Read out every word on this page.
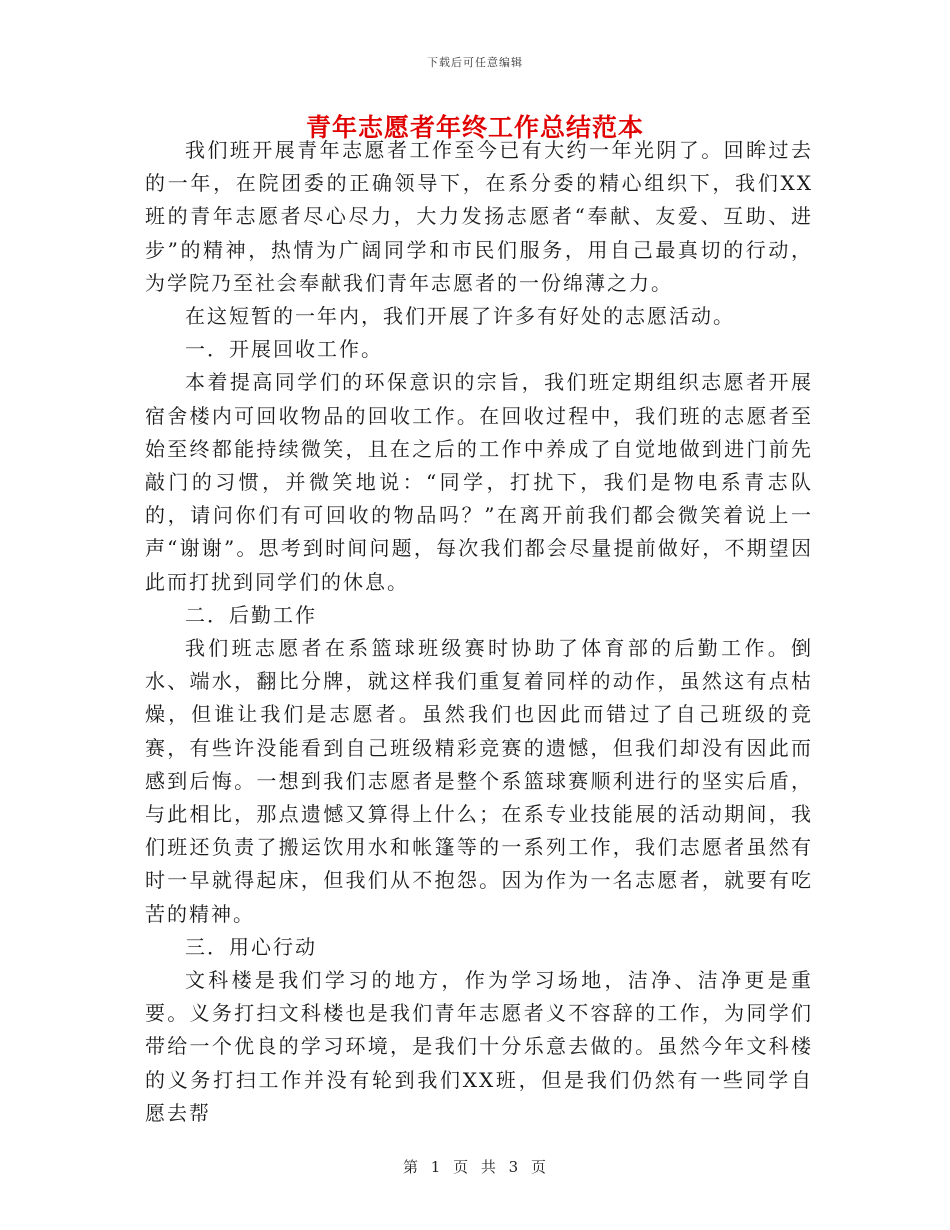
下载后可任意编辑
青年志愿者年终工作总结范本

我们班开展青年志愿者工作至今已有大约一年光阴了。回眸过去的一年，在院团委的正确领导下，在系分委的精心组织下，我们XX班的青年志愿者尽心尽力，大力发扬志愿者“奉献、友爱、互助、进步”的精神，热情为广阔同学和市民们服务，用自己最真切的行动，为学院乃至社会奉献我们青年志愿者的一份绵薄之力。

在这短暂的一年内，我们开展了许多有好处的志愿活动。

一．开展回收工作。

本着提高同学们的环保意识的宗旨，我们班定期组织志愿者开展宿舍楼内可回收物品的回收工作。在回收过程中，我们班的志愿者至始至终都能持续微笑，且在之后的工作中养成了自觉地做到进门前先敲门的习惯，并微笑地说：“同学，打扰下，我们是物电系青志队的，请问你们有可回收的物品吗？”在离开前我们都会微笑着说上一声“谢谢”。思考到时间问题，每次我们都会尽量提前做好，不期望因此而打扰到同学们的休息。

二．后勤工作

我们班志愿者在系篮球班级赛时协助了体育部的后勤工作。倒水、端水，翻比分牌，就这样我们重复着同样的动作，虽然这有点枯燥，但谁让我们是志愿者。虽然我们也因此而错过了自己班级的竞赛，有些许没能看到自己班级精彩竞赛的遗憾，但我们却没有因此而感到后悔。一想到我们志愿者是整个系篮球赛顺利进行的坚实后盾，与此相比，那点遗憾又算得上什么；在系专业技能展的活动期间，我们班还负责了搬运饮用水和帐篷等的一系列工作，我们志愿者虽然有时一早就得起床，但我们从不抱怨。因为作为一名志愿者，就要有吃苦的精神。

三．用心行动

文科楼是我们学习的地方，作为学习场地，洁净、洁净更是重要。义务打扫文科楼也是我们青年志愿者义不容辞的工作，为同学们带给一个优良的学习环境，是我们十分乐意去做的。虽然今年文科楼的义务打扫工作并没有轮到我们XX班，但是我们仍然有一些同学自愿去帮

第 1 页 共 3 页
